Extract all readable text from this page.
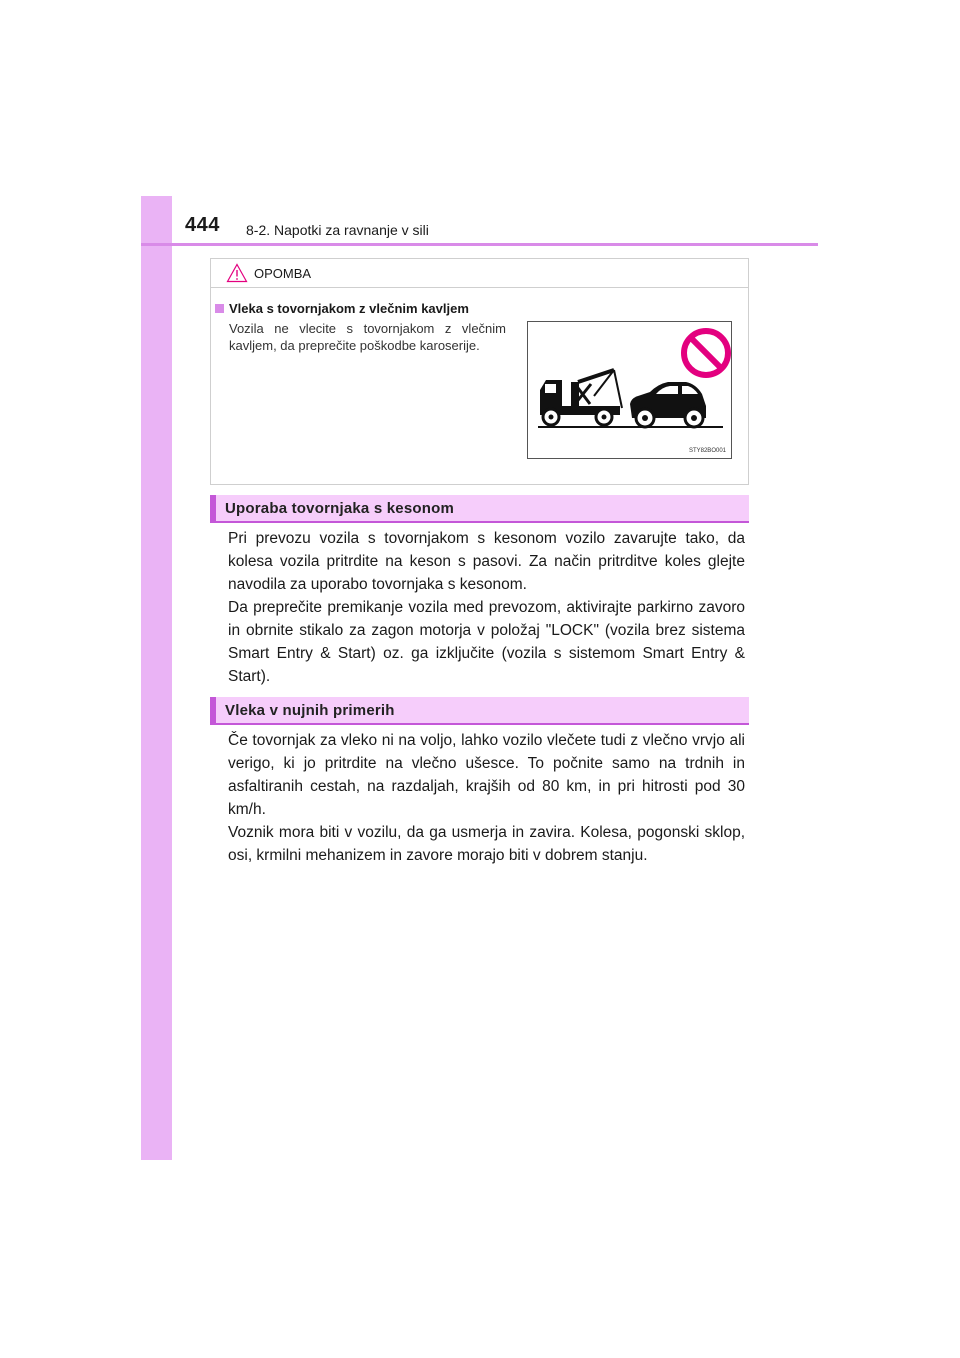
444 8-2. Napotki za ravnanje v sili
OPOMBA
Vleka s tovornjakom z vlečnim kavljem
Vozila ne vlecite s tovornjakom z vlečnim kavljem, da preprečite poškodbe karoserije.
STY82BO001
Uporaba tovornjaka s kesonom
Pri prevozu vozila s tovornjakom s kesonom vozilo zavarujte tako, da kolesa vozila pritrdite na keson s pasovi. Za način pritrditve koles glejte navodila za uporabo tovornjaka s kesonom.
Da preprečite premikanje vozila med prevozom, aktivirajte parkirno zavoro in obrnite stikalo za zagon motorja v položaj "LOCK" (vozila brez sistema Smart Entry & Start) oz. ga izključite (vozila s sistemom Smart Entry & Start).
Vleka v nujnih primerih
Če tovornjak za vleko ni na voljo, lahko vozilo vlečete tudi z vlečno vrvjo ali verigo, ki jo pritrdite na vlečno ušesce. To počnite samo na trdnih in asfaltiranih cestah, na razdaljah, krajših od 80 km, in pri hitrosti pod 30 km/h.
Voznik mora biti v vozilu, da ga usmerja in zavira. Kolesa, pogonski sklop, osi, krmilni mehanizem in zavore morajo biti v dobrem stanju.
